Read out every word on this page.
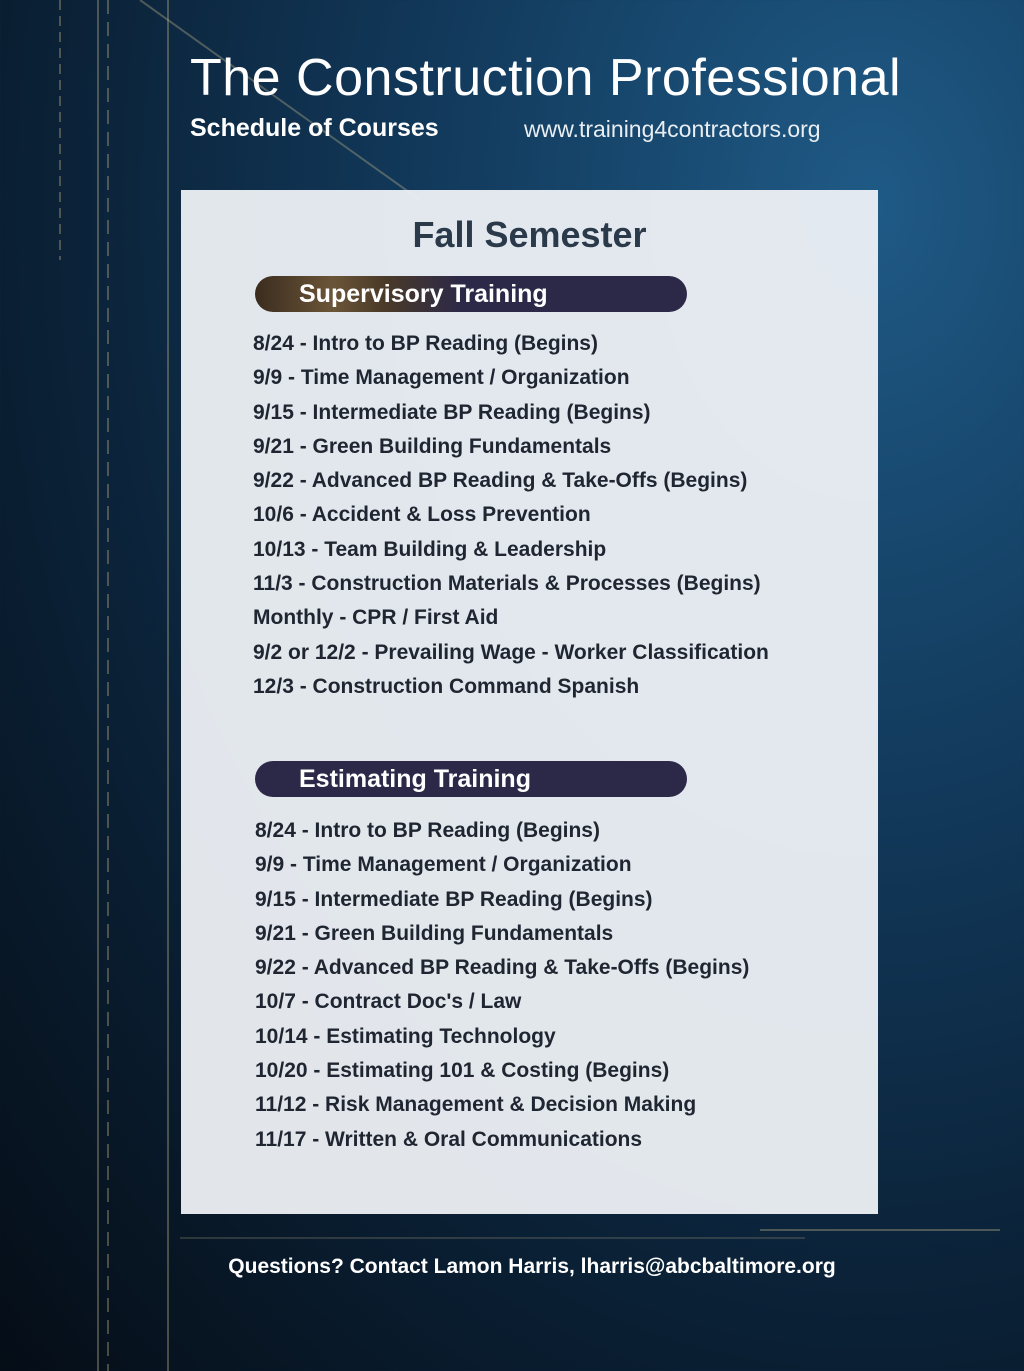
The Construction Professional
Schedule of Courses	www.training4contractors.org
Fall Semester
Supervisory Training
8/24 - Intro to BP Reading (Begins)
9/9 - Time Management / Organization
9/15 - Intermediate BP Reading (Begins)
9/21 - Green Building Fundamentals
9/22 - Advanced BP Reading & Take-Offs (Begins)
10/6 - Accident & Loss Prevention
10/13 - Team Building & Leadership
11/3 - Construction Materials & Processes (Begins)
Monthly - CPR / First Aid
9/2 or 12/2 - Prevailing Wage - Worker Classification
12/3 - Construction Command Spanish
Estimating Training
8/24 - Intro to BP Reading (Begins)
9/9 - Time Management / Organization
9/15 - Intermediate BP Reading (Begins)
9/21 - Green Building Fundamentals
9/22 - Advanced BP Reading & Take-Offs (Begins)
10/7 - Contract Doc's / Law
10/14 - Estimating Technology
10/20 - Estimating 101 & Costing (Begins)
11/12 - Risk Management & Decision Making
11/17 - Written & Oral Communications
Questions? Contact Lamon Harris, lharris@abcbaltimore.org
